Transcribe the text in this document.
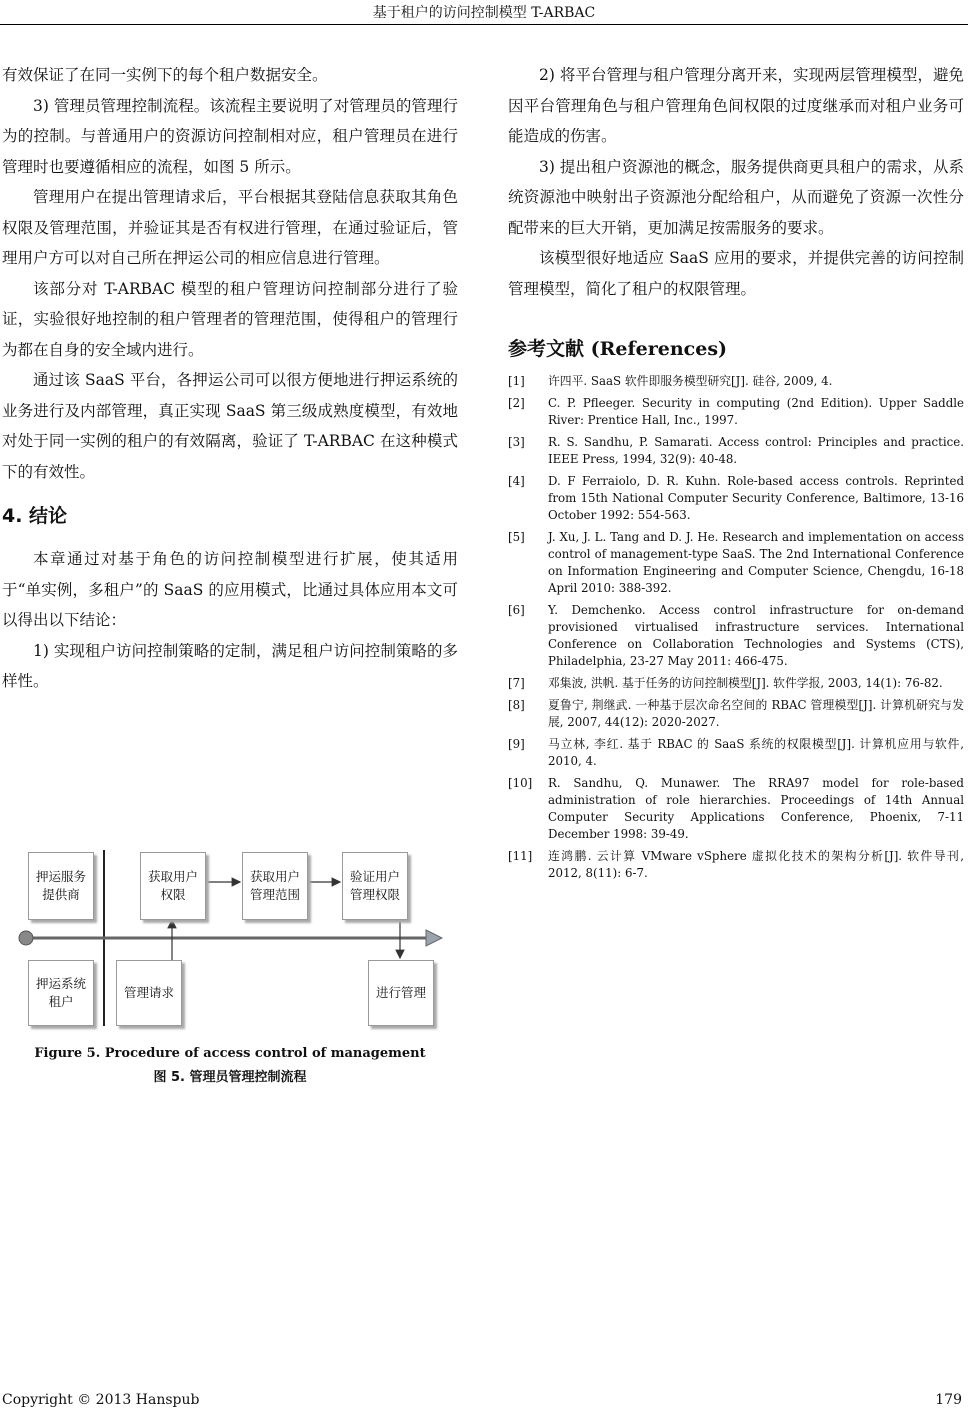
基于租户的访问控制模型 T-ARBAC

有效保证了在同一实例下的每个租户数据安全。

3) 管理员管理控制流程。该流程主要说明了对管理员的管理行为的控制。与普通用户的资源访问控制相对应，租户管理员在进行管理时也要遵循相应的流程，如图 5 所示。

管理用户在提出管理请求后，平台根据其登陆信息获取其角色权限及管理范围，并验证其是否有权进行管理，在通过验证后，管理用户方可以对自己所在押运公司的相应信息进行管理。

该部分对 T-ARBAC 模型的租户管理访问控制部分进行了验证，实验很好地控制的租户管理者的管理范围，使得租户的管理行为都在自身的安全域内进行。

通过该 SaaS 平台，各押运公司可以很方便地进行押运系统的业务进行及内部管理，真正实现 SaaS 第三级成熟度模型，有效地对处于同一实例的租户的有效隔离，验证了 T-ARBAC 在这种模式下的有效性。

4. 结论

本章通过对基于角色的访问控制模型进行扩展，使其适用于“单实例，多租户”的 SaaS 的应用模式，比通过具体应用本文可以得出以下结论：

1) 实现租户访问控制策略的定制，满足租户访问控制策略的多样性。

押运服务提供商
获取用户权限
获取用户管理范围
验证用户管理权限
押运系统租户
管理请求	进行管理
Figure 5. Procedure of access control of management
图 5. 管理员管理控制流程

2) 将平台管理与租户管理分离开来，实现两层管理模型，避免因平台管理角色与租户管理角色间权限的过度继承而对租户业务可能造成的伤害。

3) 提出租户资源池的概念，服务提供商更具租户的需求，从系统资源池中映射出子资源池分配给租户，从而避免了资源一次性分配带来的巨大开销，更加满足按需服务的要求。

该模型很好地适应 SaaS 应用的要求，并提供完善的访问控制管理模型，简化了租户的权限管理。

参考文献 (References)
[1]	许四平. SaaS 软件即服务模型研究[J]. 硅谷, 2009, 4.
[2]	C. P. Pfleeger. Security in computing (2nd Edition). Upper Saddle River: Prentice Hall, Inc., 1997.
[3]	R. S. Sandhu, P. Samarati. Access control: Principles and practice. IEEE Press, 1994, 32(9): 40-48.
[4]	D. F Ferraiolo, D. R. Kuhn. Role-based access controls. Reprinted from 15th National Computer Security Conference, Baltimore, 13-16 October 1992: 554-563.
[5]	J. Xu, J. L. Tang and D. J. He. Research and implementation on access control of management-type SaaS. The 2nd International Conference on Information Engineering and Computer Science, Chengdu, 16-18 April 2010: 388-392.
[6]	Y. Demchenko. Access control infrastructure for on-demand provisioned virtualised infrastructure services. International Conference on Collaboration Technologies and Systems (CTS), Philadelphia, 23-27 May 2011: 466-475.
[7]	邓集波, 洪帆. 基于任务的访问控制模型[J]. 软件学报, 2003, 14(1): 76-82.
[8]	夏鲁宁, 荆继武. 一种基于层次命名空间的 RBAC 管理模型[J]. 计算机研究与发展, 2007, 44(12): 2020-2027.
[9]	马立林, 李红. 基于 RBAC 的 SaaS 系统的权限模型[J]. 计算机应用与软件, 2010, 4.
[10]	R. Sandhu, Q. Munawer. The RRA97 model for role-based administration of role hierarchies. Proceedings of 14th Annual Computer Security Applications Conference, Phoenix, 7-11 December 1998: 39-49.
[11]	连鸿鹏. 云计算 VMware vSphere 虚拟化技术的架构分析[J]. 软件导刊, 2012, 8(11): 6-7.
Copyright © 2013 Hanspub	179
